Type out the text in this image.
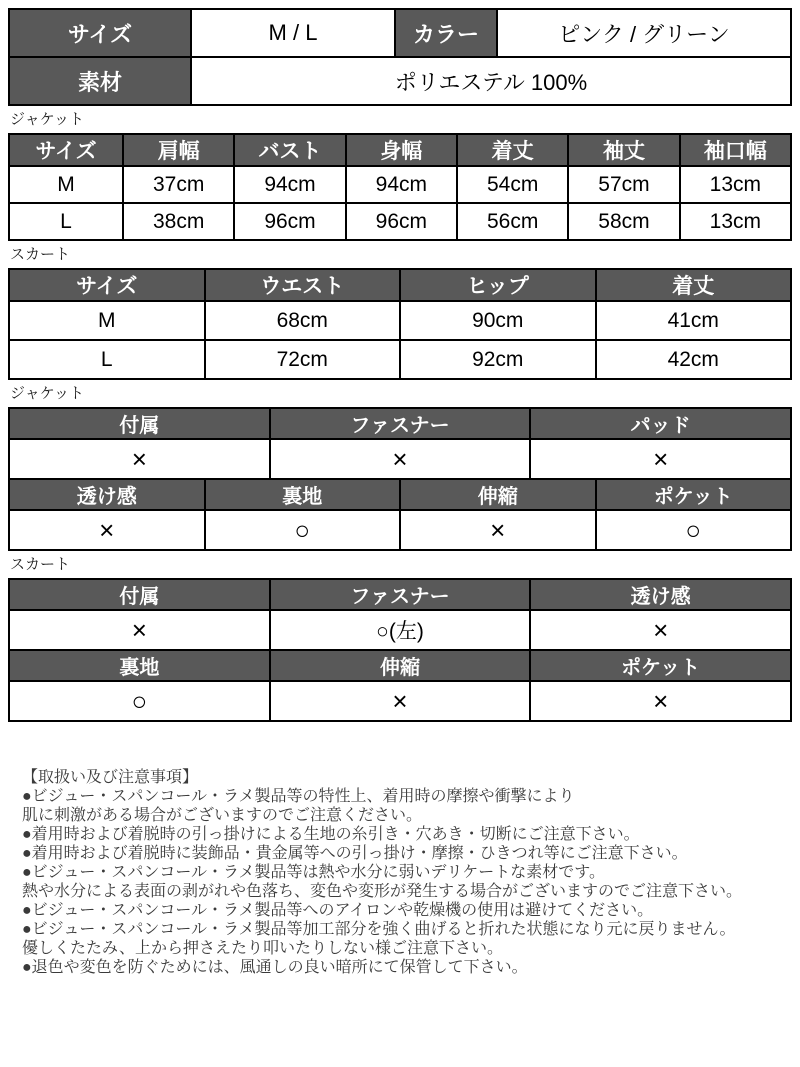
サイズ	M / L	カラー	ピンク / グリーン
素材	ポリエステル 100%		
ジャケット
サイズ	肩幅	バスト	身幅	着丈	袖丈	袖口幅
M	37cm	94cm	94cm	54cm	57cm	13cm
L	38cm	96cm	96cm	56cm	58cm	13cm
スカート
サイズ	ウエスト	ヒップ	着丈
M	68cm	90cm	41cm
L	72cm	92cm	42cm
ジャケット
付属	ファスナー	パッド
×	×	×
透け感	裏地	伸縮	ポケット
×	○	×	○
スカート
付属	ファスナー	透け感
×	○(左)	×
裏地	伸縮	ポケット
○	×	×
【取扱い及び注意事項】
●ビジュー・スパンコール・ラメ製品等の特性上、着用時の摩擦や衝撃により
肌に刺激がある場合がございますのでご注意ください。
●着用時および着脱時の引っ掛けによる生地の糸引き・穴あき・切断にご注意下さい。
●着用時および着脱時に装飾品・貴金属等への引っ掛け・摩擦・ひきつれ等にご注意下さい。
●ビジュー・スパンコール・ラメ製品等は熱や水分に弱いデリケートな素材です。
熱や水分による表面の剥がれや色落ち、変色や変形が発生する場合がございますのでご注意下さい。
●ビジュー・スパンコール・ラメ製品等へのアイロンや乾燥機の使用は避けてください。
●ビジュー・スパンコール・ラメ製品等加工部分を強く曲げると折れた状態になり元に戻りません。
優しくたたみ、上から押さえたり叩いたりしない様ご注意下さい。
●退色や変色を防ぐためには、風通しの良い暗所にて保管して下さい。
